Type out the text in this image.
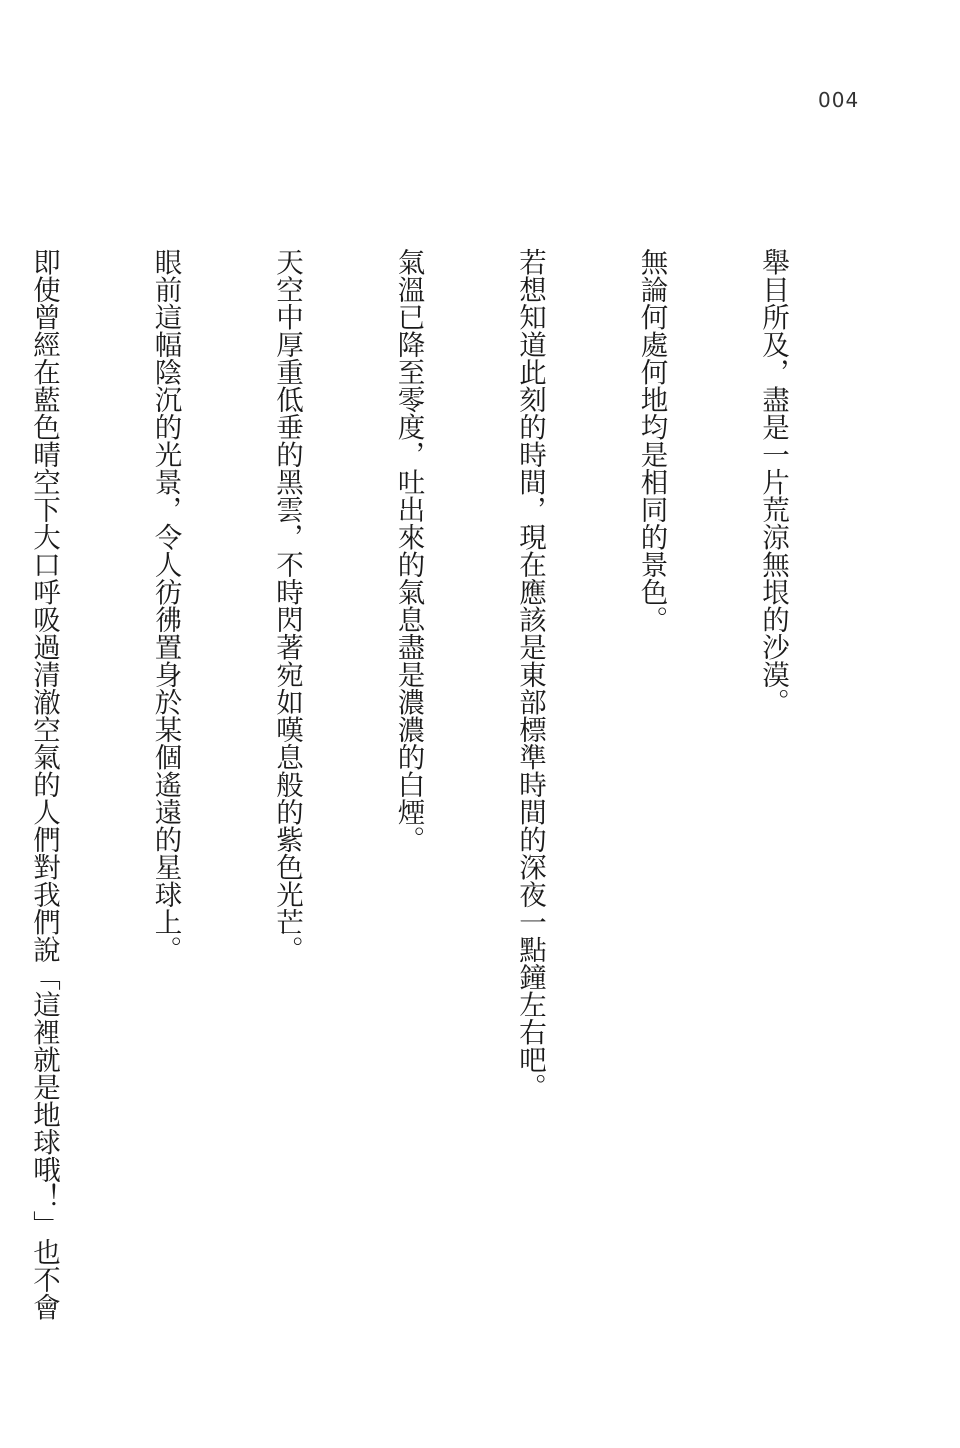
004

舉目所及，盡是一片荒涼無垠的沙漠。

無論何處何地均是相同的景色。

若想知道此刻的時間，現在應該是東部標準時間的深夜一點鐘左右吧。

氣溫已降至零度，吐出來的氣息盡是濃濃的白煙。

天空中厚重低垂的黑雲，不時閃著宛如嘆息般的紫色光芒。

眼前這幅陰沉的光景，令人彷彿置身於某個遙遠的星球上。

即使曾經在藍色晴空下大口呼吸過清澈空氣的人們對我們說「這裡就是地球哦！」也不會
